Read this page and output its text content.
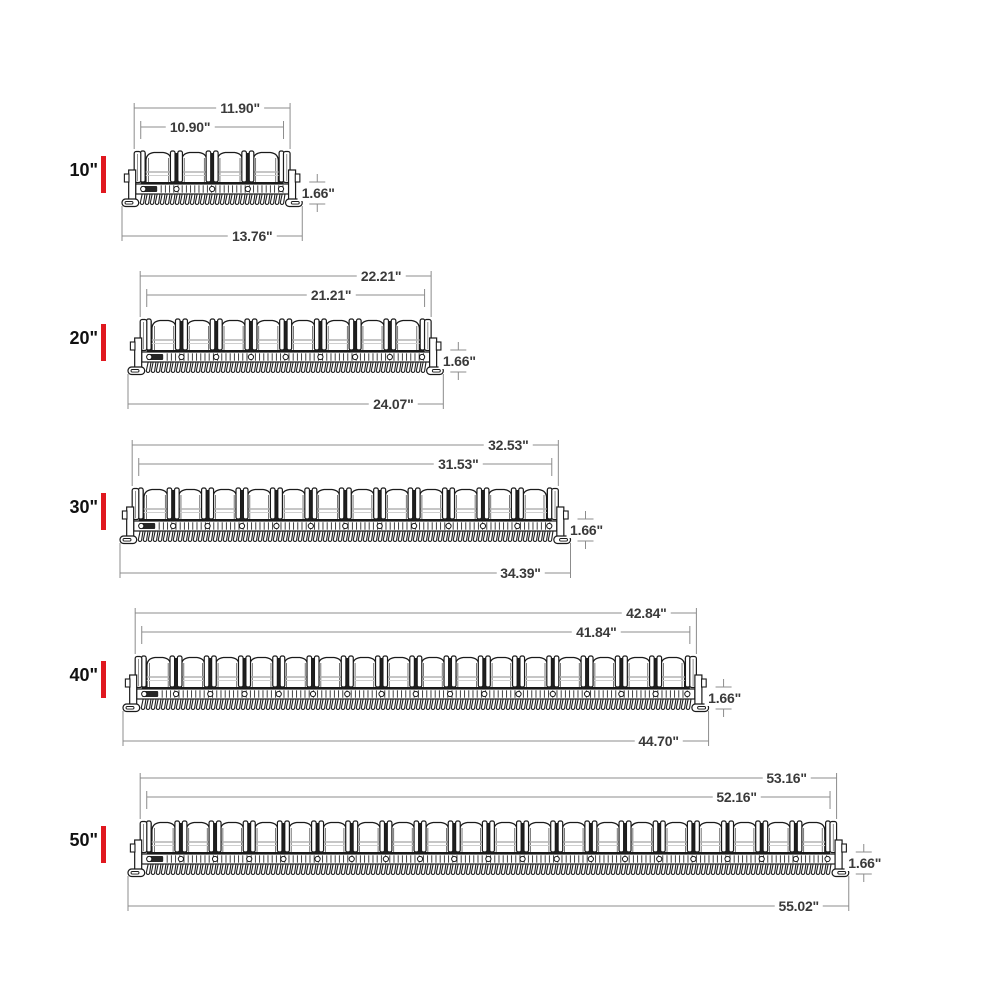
10"
11.90"
10.90"
13.76"
1.66"
20"
22.21"
21.21"
24.07"
1.66"
30"
32.53"
31.53"
34.39"
1.66"
40"
42.84"
41.84"
44.70"
1.66"
50"
53.16"
52.16"
55.02"
1.66"
